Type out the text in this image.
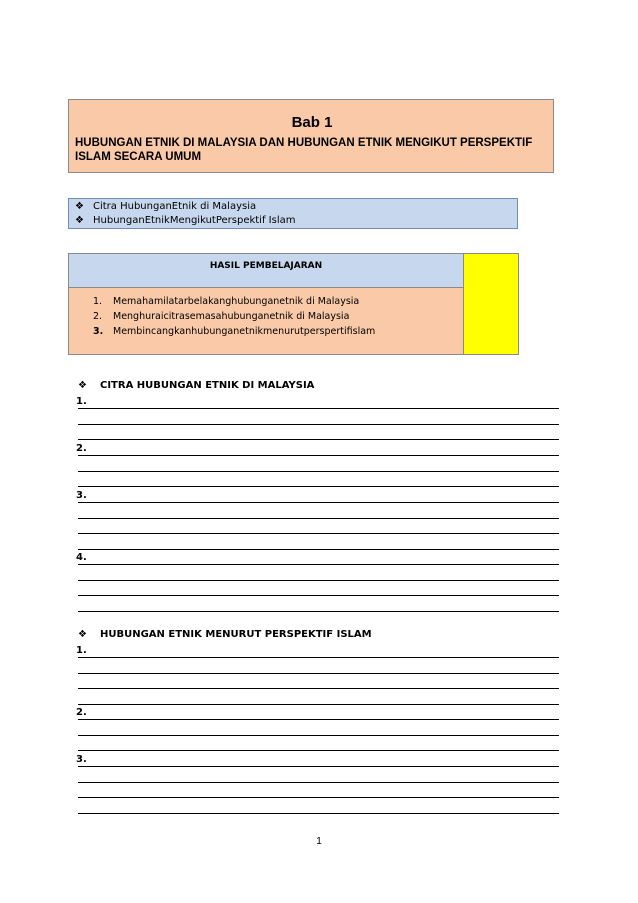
Bab 1
HUBUNGAN ETNIK DI MALAYSIA DAN HUBUNGAN ETNIK MENGIKUT PERSPEKTIF ISLAM SECARA UMUM
❖ Citra HubunganEtnik di Malaysia
❖ HubunganEtnikMengikutPerspektif Islam
HASIL PEMBELAJARAN
1. Memahamilatarbelakanghubunganetnik di Malaysia
2. Menghuraicitrasemasahubunganetnik di Malaysia
3. Membincangkanhubunganetnikmenurutperspertifislam
❖ CITRA HUBUNGAN ETNIK DI MALAYSIA
1.
2.
3.
4.
❖ HUBUNGAN ETNIK MENURUT PERSPEKTIF ISLAM
1.
2.
3.
1
